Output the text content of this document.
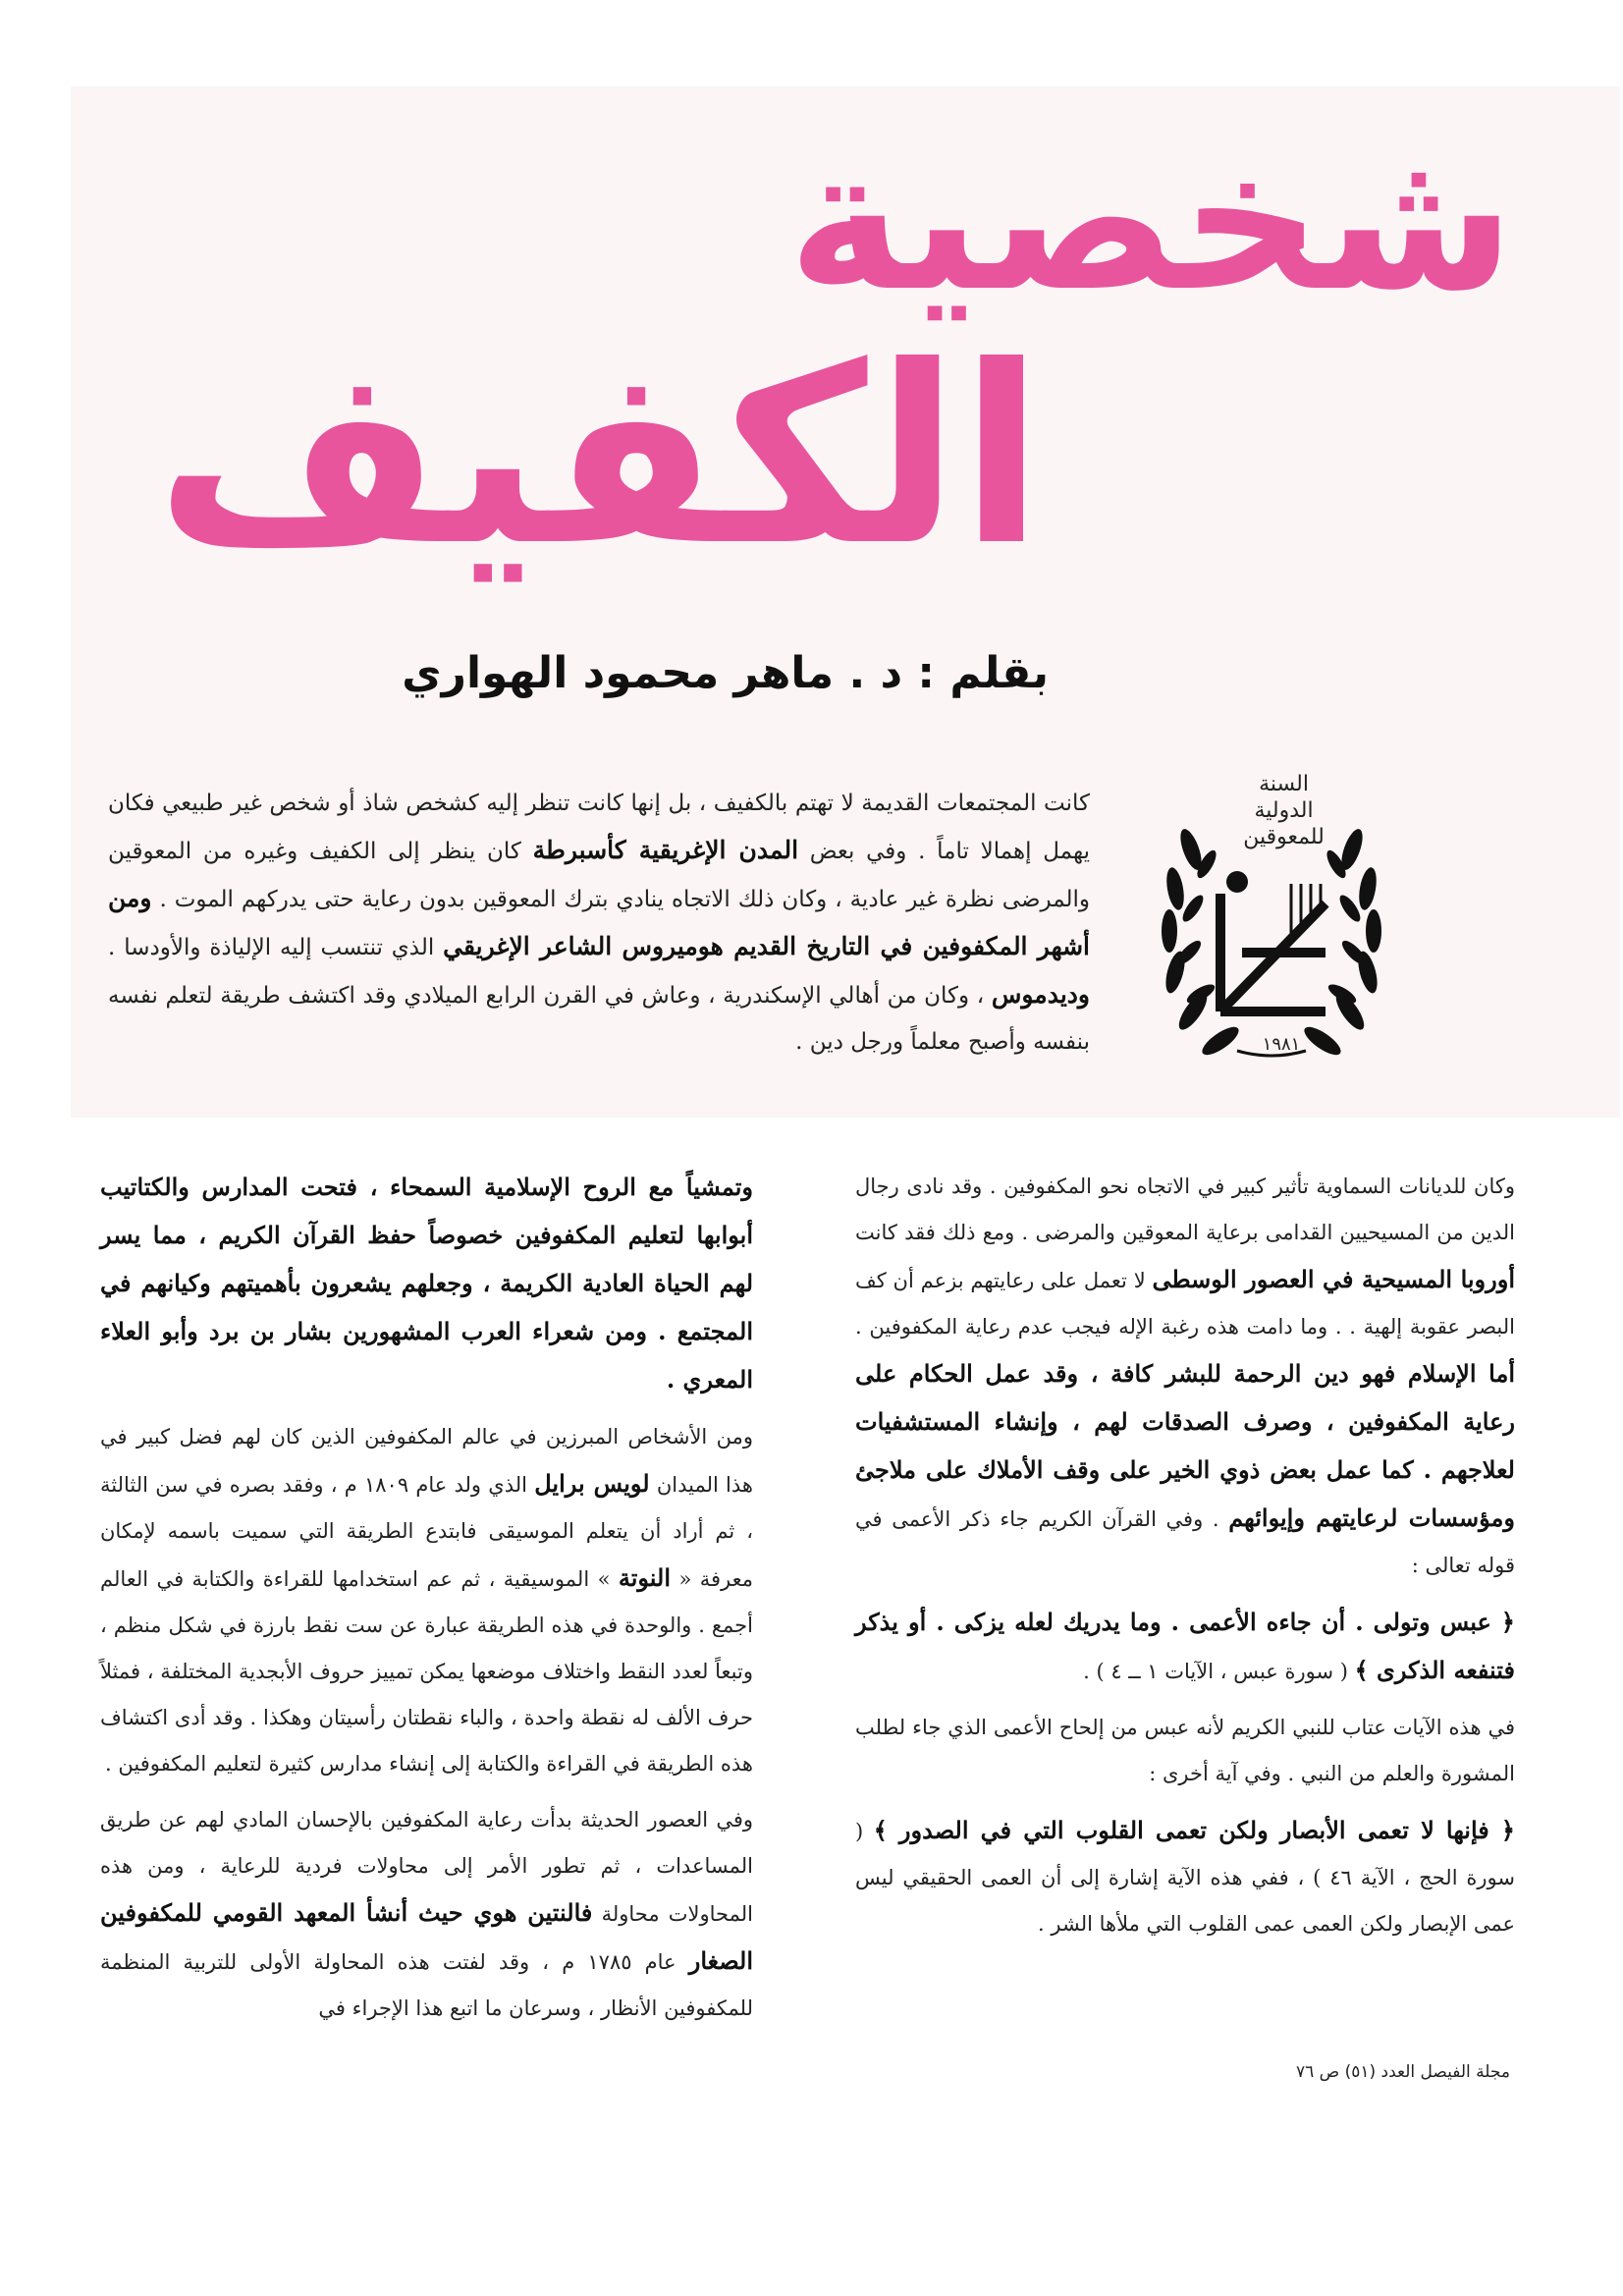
شخصية
الكفيف
بقلم : د . ماهر محمود الهواري
السنة
الدولية
للمعوقين
١٩٨١
كانت المجتمعات القديمة لا تهتم بالكفيف ، بل إنها كانت تنظر إليه كشخص شاذ أو شخص غير طبيعي فكان يهمل إهمالا تاماً . وفي بعض المدن الإغريقية كأسبرطة كان ينظر إلى الكفيف وغيره من المعوقين والمرضى نظرة غير عادية ، وكان ذلك الاتجاه ينادي بترك المعوقين بدون رعاية حتى يدركهم الموت . ومن أشهر المكفوفين في التاريخ القديم هوميروس الشاعر الإغريقي الذي تنتسب إليه الإلياذة والأودسا . وديدموس ، وكان من أهالي الإسكندرية ، وعاش في القرن الرابع الميلادي وقد اكتشف طريقة لتعلم نفسه بنفسه وأصبح معلماً ورجل دين .

وكان للديانات السماوية تأثير كبير في الاتجاه نحو المكفوفين . وقد نادى رجال الدين من المسيحيين القدامى برعاية المعوقين والمرضى . ومع ذلك فقد كانت أوروبا المسيحية في العصور الوسطى لا تعمل على رعايتهم بزعم أن كف البصر عقوبة إلهية . . وما دامت هذه رغبة الإله فيجب عدم رعاية المكفوفين . أما الإسلام فهو دين الرحمة للبشر كافة ، وقد عمل الحكام على رعاية المكفوفين ، وصرف الصدقات لهم ، وإنشاء المستشفيات لعلاجهم . كما عمل بعض ذوي الخير على وقف الأملاك على ملاجئ ومؤسسات لرعايتهم وإيوائهم . وفي القرآن الكريم جاء ذكر الأعمى في قوله تعالى :

﴿ عبس وتولى . أن جاءه الأعمى . وما يدريك لعله يزكى . أو يذكر فتنفعه الذكرى ﴾ ( سورة عبس ، الآيات ١ ــ ٤ ) .

في هذه الآيات عتاب للنبي الكريم لأنه عبس من إلحاح الأعمى الذي جاء لطلب المشورة والعلم من النبي . وفي آية أخرى :

﴿ فإنها لا تعمى الأبصار ولكن تعمى القلوب التي في الصدور ﴾ ( سورة الحج ، الآية ٤٦ ) ، ففي هذه الآية إشارة إلى أن العمى الحقيقي ليس عمى الإبصار ولكن العمى عمى القلوب التي ملأها الشر .

وتمشياً مع الروح الإسلامية السمحاء ، فتحت المدارس والكتاتيب أبوابها لتعليم المكفوفين خصوصاً حفظ القرآن الكريم ، مما يسر لهم الحياة العادية الكريمة ، وجعلهم يشعرون بأهميتهم وكيانهم في المجتمع . ومن شعراء العرب المشهورين بشار بن برد وأبو العلاء المعري .

ومن الأشخاص المبرزين في عالم المكفوفين الذين كان لهم فضل كبير في هذا الميدان لويس برايل الذي ولد عام ١٨٠٩ م ، وفقد بصره في سن الثالثة ، ثم أراد أن يتعلم الموسيقى فابتدع الطريقة التي سميت باسمه لإمكان معرفة « النوتة » الموسيقية ، ثم عم استخدامها للقراءة والكتابة في العالم أجمع . والوحدة في هذه الطريقة عبارة عن ست نقط بارزة في شكل منظم ، وتبعاً لعدد النقط واختلاف موضعها يمكن تمييز حروف الأبجدية المختلفة ، فمثلاً حرف الألف له نقطة واحدة ، والباء نقطتان رأسيتان وهكذا . وقد أدى اكتشاف هذه الطريقة في القراءة والكتابة إلى إنشاء مدارس كثيرة لتعليم المكفوفين .

وفي العصور الحديثة بدأت رعاية المكفوفين بالإحسان المادي لهم عن طريق المساعدات ، ثم تطور الأمر إلى محاولات فردية للرعاية ، ومن هذه المحاولات محاولة فالنتين هوي حيث أنشأ المعهد القومي للمكفوفين الصغار عام ١٧٨٥ م ، وقد لفتت هذه المحاولة الأولى للتربية المنظمة للمكفوفين الأنظار ، وسرعان ما اتبع هذا الإجراء في

مجلة الفيصل العدد (٥١) ص ٧٦
